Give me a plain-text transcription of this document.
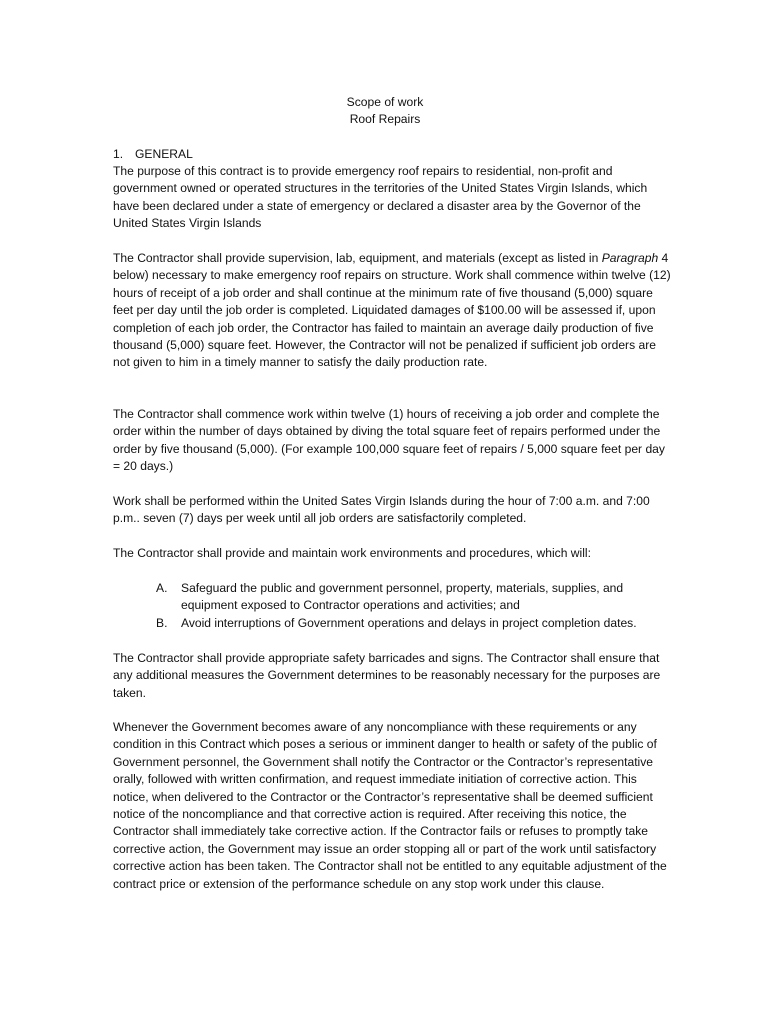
Scope of work
Roof Repairs
1. GENERAL

The purpose of this contract is to provide emergency roof repairs to residential, non-profit and government owned or operated structures in the territories of the United States Virgin Islands, which have been declared under a state of emergency or declared a disaster area by the Governor of the United States Virgin Islands

The Contractor shall provide supervision, lab, equipment, and materials (except as listed in Paragraph 4 below) necessary to make emergency roof repairs on structure. Work shall commence within twelve (12) hours of receipt of a job order and shall continue at the minimum rate of five thousand (5,000) square feet per day until the job order is completed. Liquidated damages of $100.00 will be assessed if, upon completion of each job order, the Contractor has failed to maintain an average daily production of five thousand (5,000) square feet. However, the Contractor will not be penalized if sufficient job orders are not given to him in a timely manner to satisfy the daily production rate.

The Contractor shall commence work within twelve (1) hours of receiving a job order and complete the order within the number of days obtained by diving the total square feet of repairs performed under the order by five thousand (5,000). (For example 100,000 square feet of repairs / 5,000 square feet per day = 20 days.)

Work shall be performed within the United Sates Virgin Islands during the hour of 7:00 a.m. and 7:00 p.m.. seven (7) days per week until all job orders are satisfactorily completed.

The Contractor shall provide and maintain work environments and procedures, which will:

A. Safeguard the public and government personnel, property, materials, supplies, and equipment exposed to Contractor operations and activities; and
B. Avoid interruptions of Government operations and delays in project completion dates.

The Contractor shall provide appropriate safety barricades and signs. The Contractor shall ensure that any additional measures the Government determines to be reasonably necessary for the purposes are taken.

Whenever the Government becomes aware of any noncompliance with these requirements or any condition in this Contract which poses a serious or imminent danger to health or safety of the public of Government personnel, the Government shall notify the Contractor or the Contractor’s representative orally, followed with written confirmation, and request immediate initiation of corrective action. This notice, when delivered to the Contractor or the Contractor’s representative shall be deemed sufficient notice of the noncompliance and that corrective action is required. After receiving this notice, the Contractor shall immediately take corrective action. If the Contractor fails or refuses to promptly take corrective action, the Government may issue an order stopping all or part of the work until satisfactory corrective action has been taken. The Contractor shall not be entitled to any equitable adjustment of the contract price or extension of the performance schedule on any stop work under this clause.
